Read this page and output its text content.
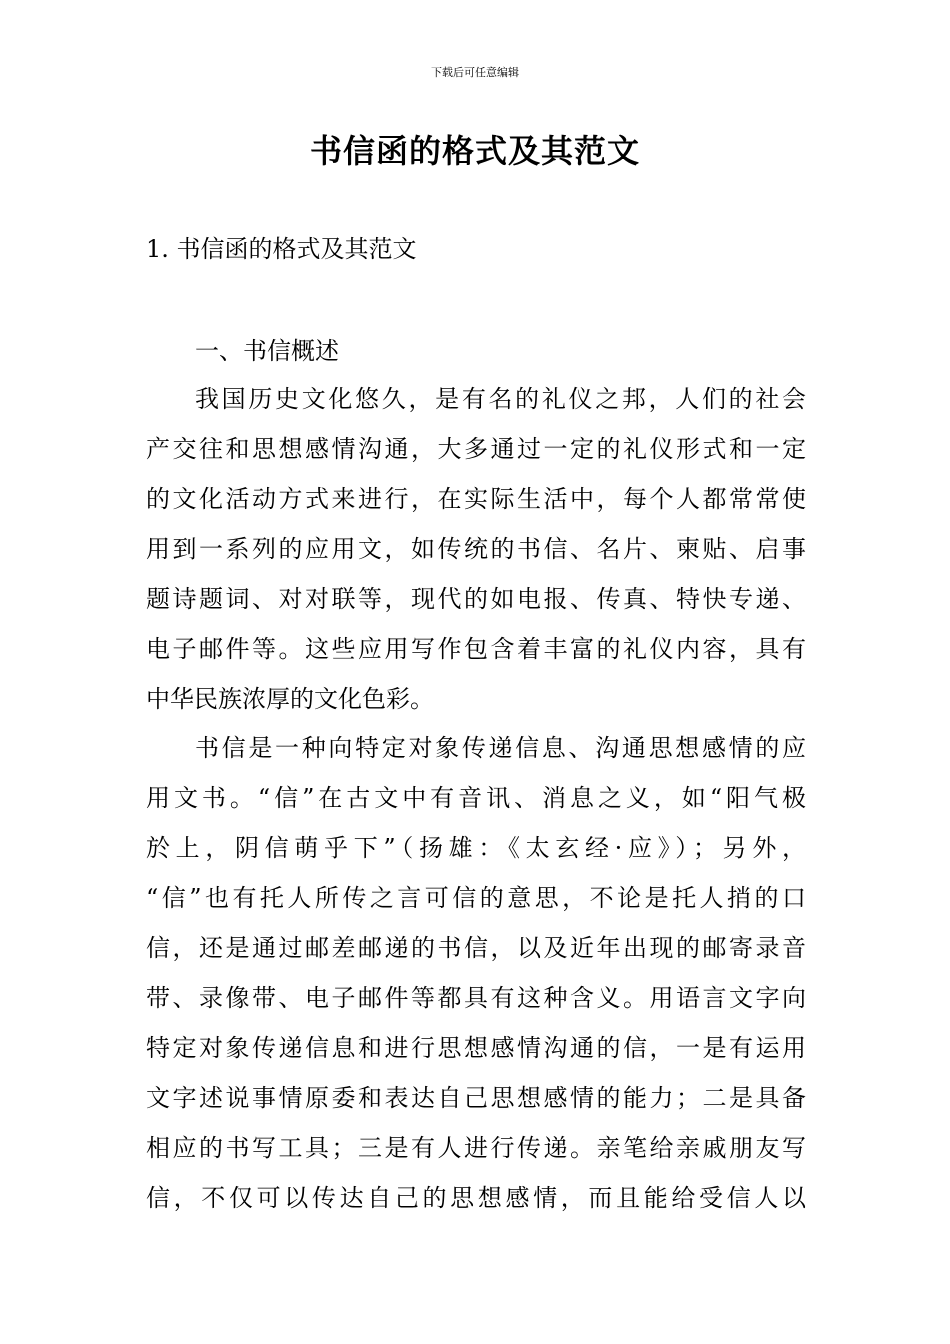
下载后可任意编辑
书信函的格式及其范文
1. 书信函的格式及其范文
一、书信概述
我国历史文化悠久，是有名的礼仪之邦，人们的社会
产交往和思想感情沟通，大多通过一定的礼仪形式和一定
的文化活动方式来进行，在实际生活中，每个人都常常使
用到一系列的应用文，如传统的书信、名片、柬贴、启事
题诗题词、对对联等，现代的如电报、传真、特快专递、
电子邮件等。这些应用写作包含着丰富的礼仪内容，具有
中华民族浓厚的文化色彩。
书信是一种向特定对象传递信息、沟通思想感情的应
用文书。“信”在古文中有音讯、消息之义，如“阳气极
於上，阴信萌乎下”（扬雄：《太玄经·应》）；另外，
“信”也有托人所传之言可信的意思，不论是托人捎的口
信，还是通过邮差邮递的书信，以及近年出现的邮寄录音
带、录像带、电子邮件等都具有这种含义。用语言文字向
特定对象传递信息和进行思想感情沟通的信，一是有运用
文字述说事情原委和表达自己思想感情的能力；二是具备
相应的书写工具；三是有人进行传递。亲笔给亲戚朋友写
信，不仅可以传达自己的思想感情，而且能给受信人以
